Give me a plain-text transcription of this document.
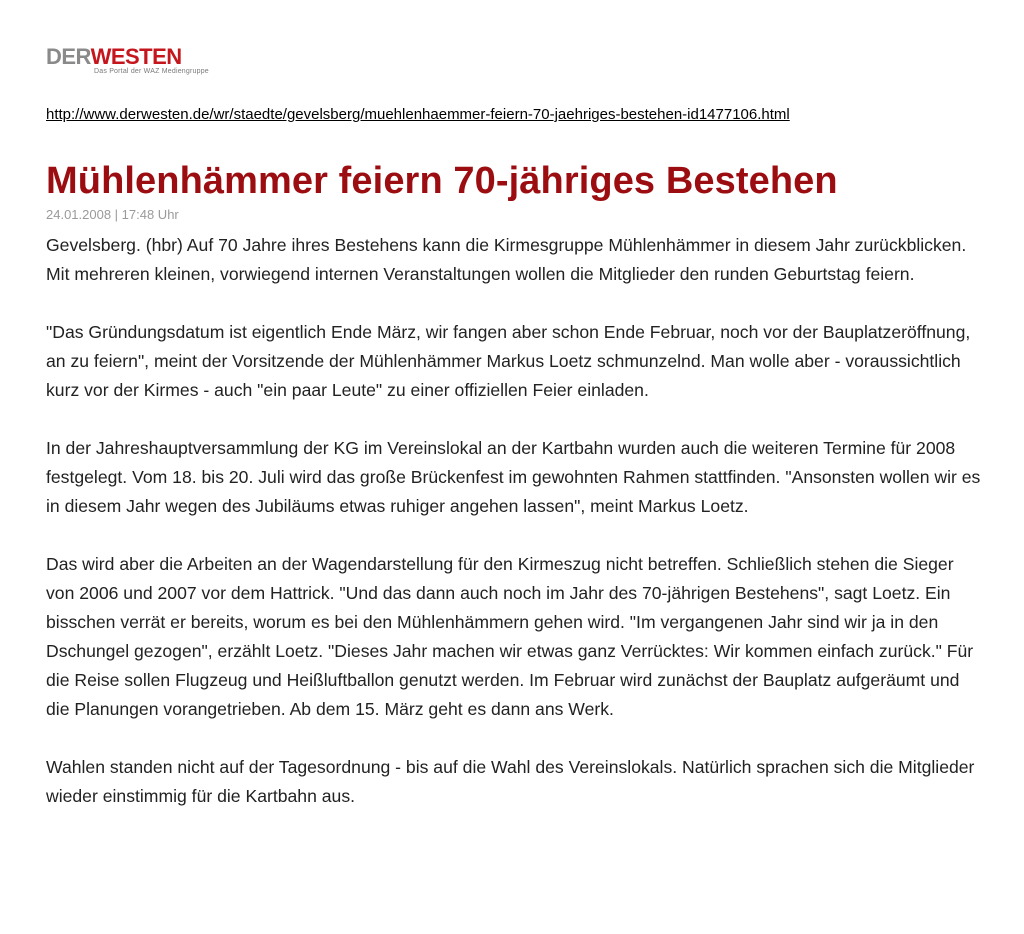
DERWESTEN
Das Portal der WAZ Mediengruppe
http://www.derwesten.de/wr/staedte/gevelsberg/muehlenhaemmer-feiern-70-jaehriges-bestehen-id1477106.html
Mühlenhämmer feiern 70-jähriges Bestehen
24.01.2008 | 17:48 Uhr

Gevelsberg. (hbr) Auf 70 Jahre ihres Bestehens kann die Kirmesgruppe Mühlenhämmer in diesem Jahr zurückblicken. Mit mehreren kleinen, vorwiegend internen Veranstaltungen wollen die Mitglieder den runden Geburtstag feiern.

"Das Gründungsdatum ist eigentlich Ende März, wir fangen aber schon Ende Februar, noch vor der Bauplatzeröffnung, an zu feiern", meint der Vorsitzende der Mühlenhämmer Markus Loetz schmunzelnd. Man wolle aber - voraussichtlich kurz vor der Kirmes - auch "ein paar Leute" zu einer offiziellen Feier einladen.

In der Jahreshauptversammlung der KG im Vereinslokal an der Kartbahn wurden auch die weiteren Termine für 2008 festgelegt. Vom 18. bis 20. Juli wird das große Brückenfest im gewohnten Rahmen stattfinden. "Ansonsten wollen wir es in diesem Jahr wegen des Jubiläums etwas ruhiger angehen lassen", meint Markus Loetz.

Das wird aber die Arbeiten an der Wagendarstellung für den Kirmeszug nicht betreffen. Schließlich stehen die Sieger von 2006 und 2007 vor dem Hattrick. "Und das dann auch noch im Jahr des 70-jährigen Bestehens", sagt Loetz. Ein bisschen verrät er bereits, worum es bei den Mühlenhämmern gehen wird. "Im vergangenen Jahr sind wir ja in den Dschungel gezogen", erzählt Loetz. "Dieses Jahr machen wir etwas ganz Verrücktes: Wir kommen einfach zurück." Für die Reise sollen Flugzeug und Heißluftballon genutzt werden. Im Februar wird zunächst der Bauplatz aufgeräumt und die Planungen vorangetrieben. Ab dem 15. März geht es dann ans Werk.

Wahlen standen nicht auf der Tagesordnung - bis auf die Wahl des Vereinslokals. Natürlich sprachen sich die Mitglieder wieder einstimmig für die Kartbahn aus.
